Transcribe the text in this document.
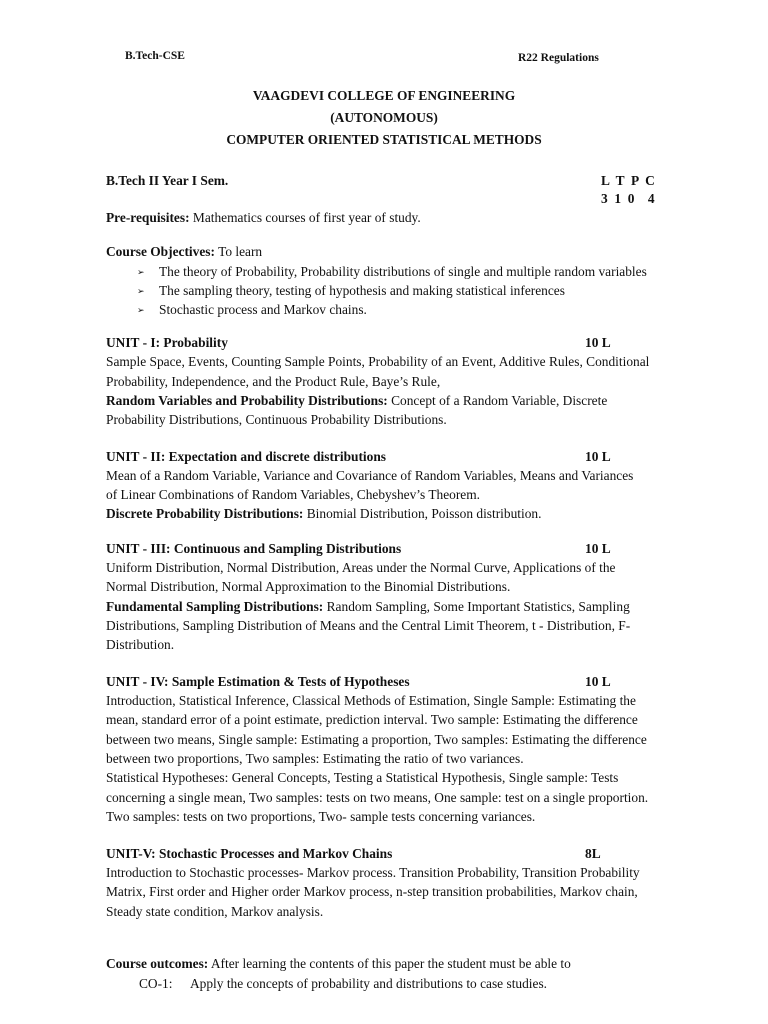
B.Tech-CSE	R22 Regulations
VAAGDEVI COLLEGE OF ENGINEERING
(AUTONOMOUS)
COMPUTER ORIENTED STATISTICAL METHODS
B.Tech II Year I Sem.	L  T  P  C
3  1  0    4
Pre-requisites: Mathematics courses of first year of study.
Course Objectives: To learn
➢ The theory of Probability, Probability distributions of single and multiple random variables
➢ The sampling theory, testing of hypothesis and making statistical inferences
➢ Stochastic process and Markov chains.
UNIT - I: Probability	10 L
Sample Space, Events, Counting Sample Points, Probability of an Event, Additive Rules, Conditional
Probability, Independence, and the Product Rule, Baye’s Rule,
Random Variables and Probability Distributions: Concept of a Random Variable, Discrete
Probability Distributions, Continuous Probability Distributions.
UNIT - II: Expectation and discrete distributions	10 L
Mean of a Random Variable, Variance and Covariance of Random Variables, Means and Variances
of Linear Combinations of Random Variables, Chebyshev’s Theorem.
Discrete Probability Distributions: Binomial Distribution, Poisson distribution.
UNIT - III: Continuous and Sampling Distributions	10 L
Uniform Distribution, Normal Distribution, Areas under the Normal Curve, Applications of the
Normal Distribution, Normal Approximation to the Binomial Distributions.
Fundamental Sampling Distributions: Random Sampling, Some Important Statistics, Sampling
Distributions, Sampling Distribution of Means and the Central Limit Theorem, t - Distribution, F-
Distribution.
UNIT - IV: Sample Estimation & Tests of Hypotheses	10 L
Introduction, Statistical Inference, Classical Methods of Estimation, Single Sample: Estimating the
mean, standard error of a point estimate, prediction interval. Two sample: Estimating the difference
between two means, Single sample: Estimating a proportion, Two samples: Estimating the difference
between two proportions, Two samples: Estimating the ratio of two variances.
Statistical Hypotheses: General Concepts, Testing a Statistical Hypothesis, Single sample: Tests
concerning a single mean, Two samples: tests on two means, One sample: test on a single proportion.
Two samples: tests on two proportions, Two- sample tests concerning variances.
UNIT-V: Stochastic Processes and Markov Chains	8L
Introduction to Stochastic processes- Markov process. Transition Probability, Transition Probability
Matrix, First order and Higher order Markov process, n-step transition probabilities, Markov chain,
Steady state condition, Markov analysis.
Course outcomes: After learning the contents of this paper the student must be able to
CO-1: Apply the concepts of probability and distributions to case studies.
